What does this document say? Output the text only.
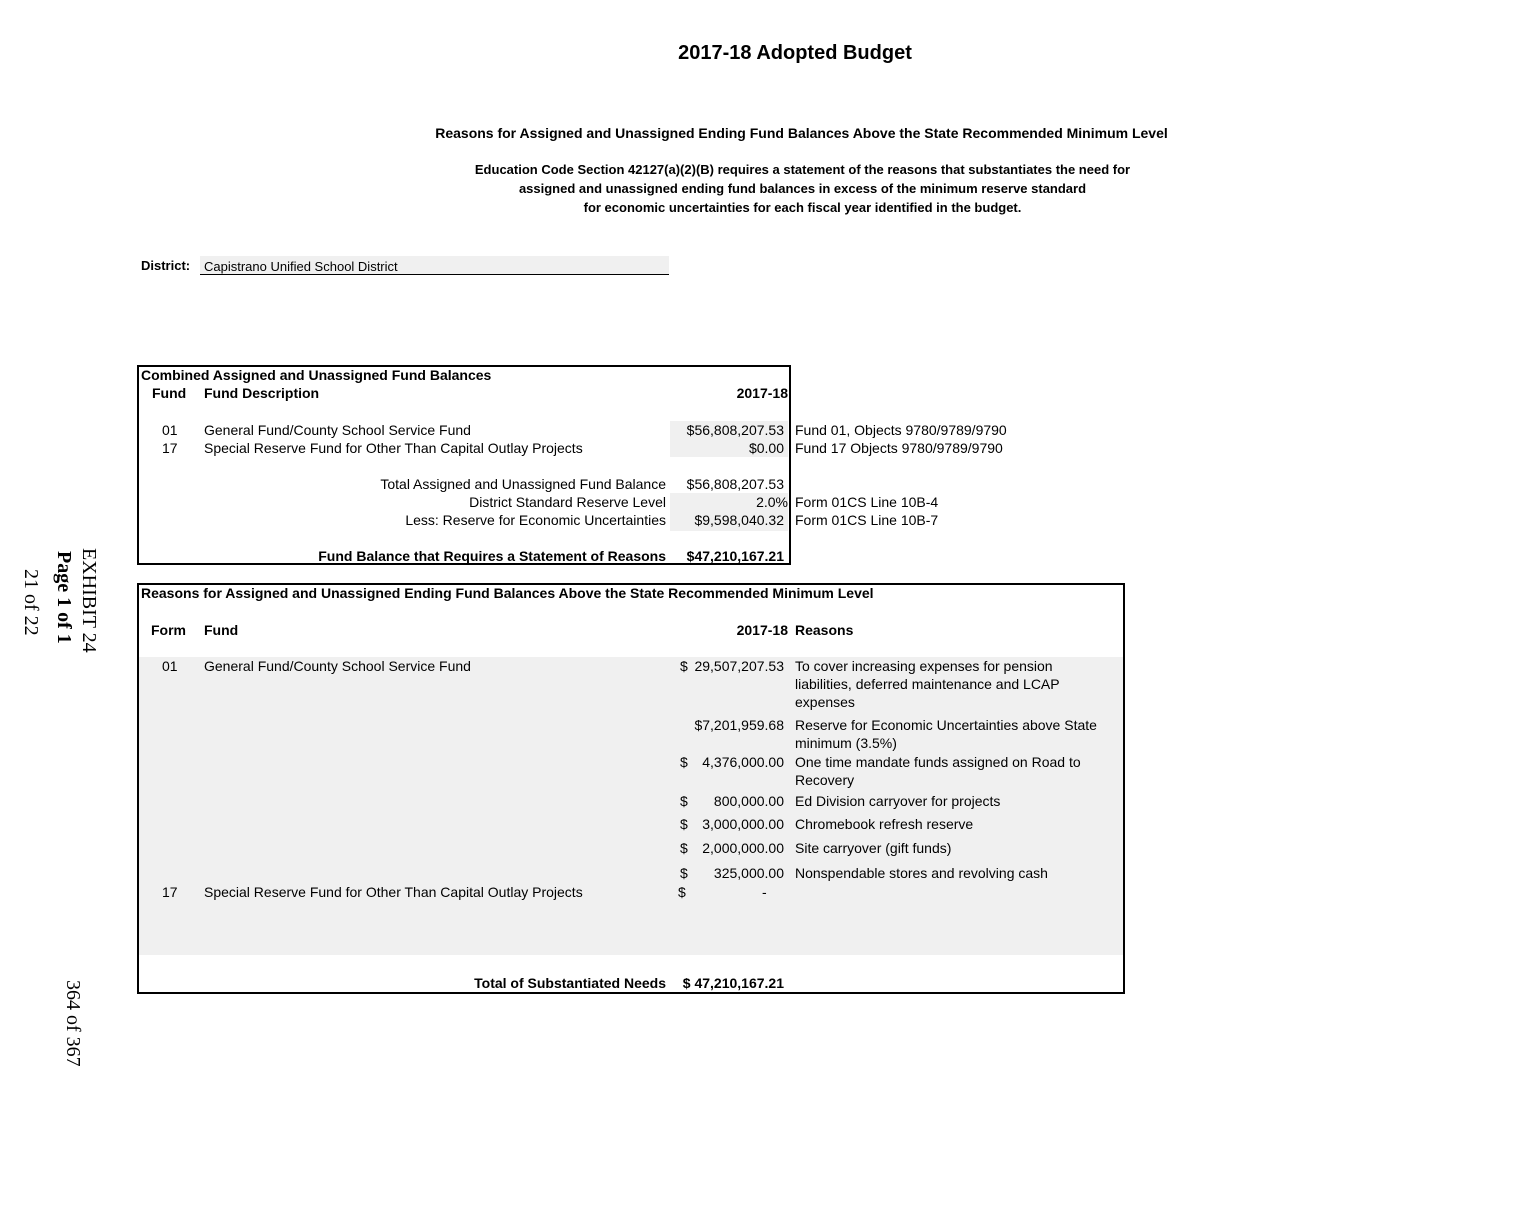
2017-18 Adopted Budget
Reasons for Assigned and Unassigned Ending Fund Balances Above the State Recommended Minimum Level
Education Code Section 42127(a)(2)(B) requires a statement of the reasons that substantiates the need for
assigned and unassigned ending fund balances in excess of the minimum reserve standard
for economic uncertainties for each fiscal year identified in the budget.
District: Capistrano Unified School District
Combined Assigned and Unassigned Fund Balances
Fund Fund Description	2017-18
01 General Fund/County School Service Fund	$56,808,207.53 Fund 01, Objects 9780/9789/9790
17 Special Reserve Fund for Other Than Capital Outlay Projects	$0.00 Fund 17 Objects 9780/9789/9790
Total Assigned and Unassigned Fund Balance	$56,808,207.53
District Standard Reserve Level	2.0% Form 01CS Line 10B-4
Less: Reserve for Economic Uncertainties	$9,598,040.32 Form 01CS Line 10B-7
Fund Balance that Requires a Statement of Reasons	$47,210,167.21
Reasons for Assigned and Unassigned Ending Fund Balances Above the State Recommended Minimum Level
Form Fund	2017-18 Reasons
01 General Fund/County School Service Fund	$ 29,507,207.53 To cover increasing expenses for pension
liabilities, deferred maintenance and LCAP
expenses
$7,201,959.68 Reserve for Economic Uncertainties above State
minimum (3.5%)
$	4,376,000.00 One time mandate funds assigned on Road to
Recovery
$	800,000.00 Ed Division carryover for projects
$	3,000,000.00 Chromebook refresh reserve
$	2,000,000.00 Site carryover (gift funds)
$	325,000.00 Nonspendable stores and revolving cash
17 Special Reserve Fund for Other Than Capital Outlay Projects	$	-
Total of Substantiated Needs	$ 47,210,167.21
EXHIBIT 24
Page 1 of 1
21 of 22
364 of 367
